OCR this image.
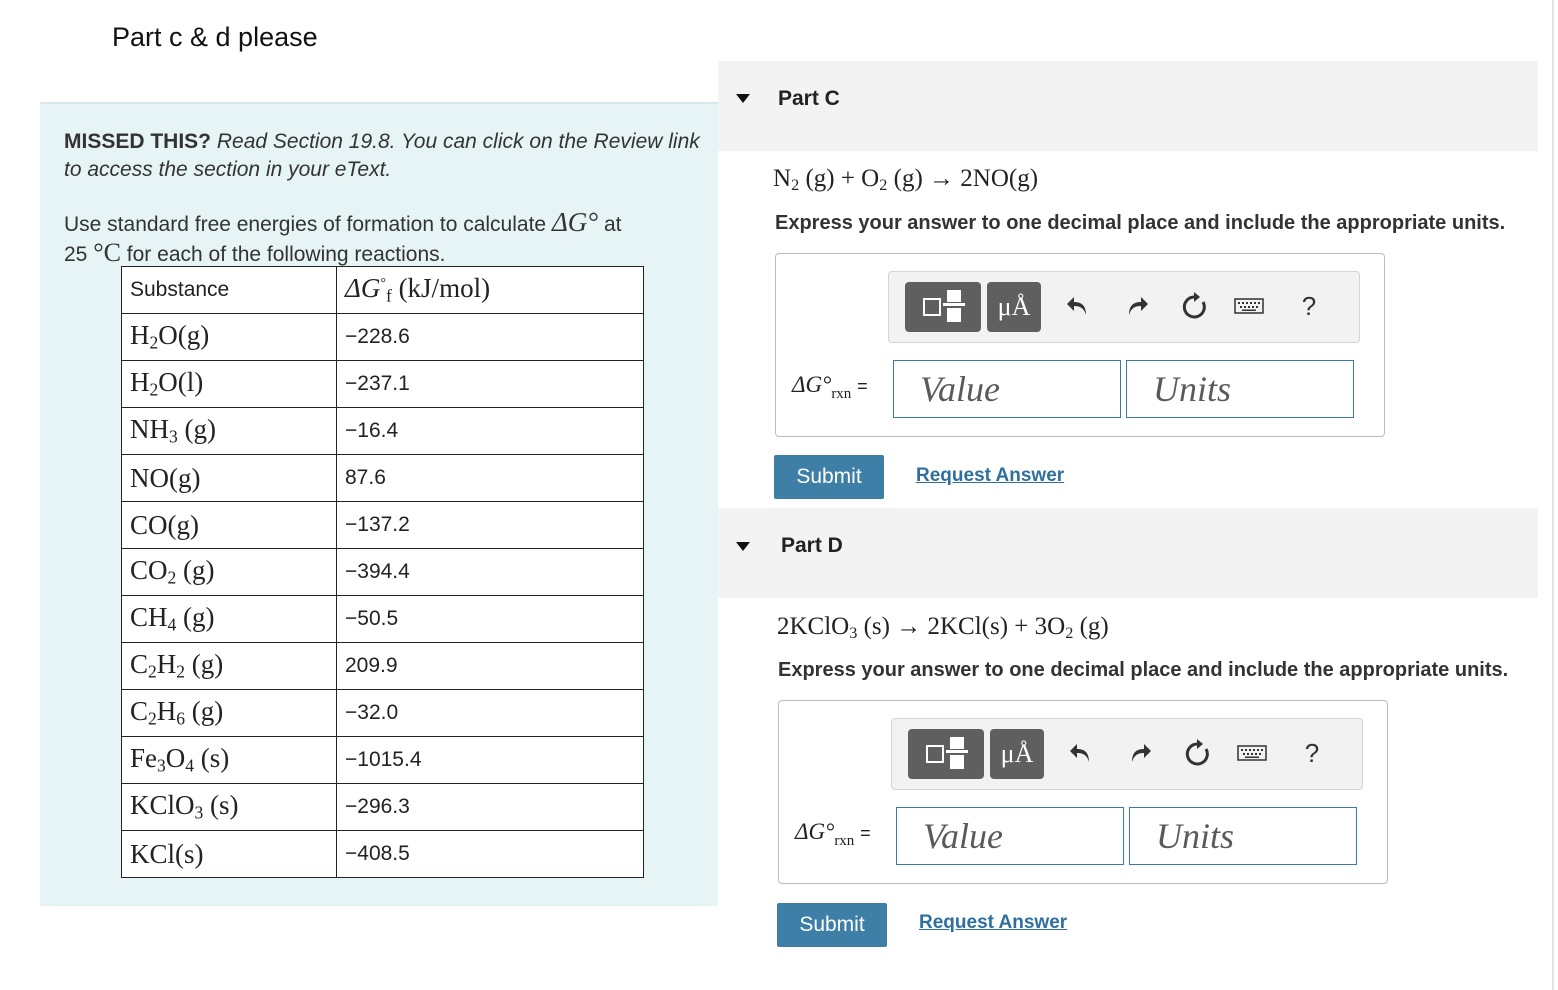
Part c & d please
MISSED THIS? Read Section 19.8. You can click on the Review link to access the section in your eText.
Use standard free energies of formation to calculate ΔG° at
25 °C for each of the following reactions.
Substance	$\Delta G^\circ_f$ (kJ/mol)
$H_2O(g)$	−228.6
$H_2O(l)$	−237.1
$NH_3$ (g)	−16.4
NO(g)	87.6
CO(g)	−137.2
$CO_2$ (g)	−394.4
$CH_4$ (g)	−50.5
$C_2H_2$ (g)	209.9
$C_2H_6$ (g)	−32.0
$Fe_3O_4$ (s)	−1015.4
KClO$_3$ (s)	−296.3
KCl(s)	−408.5
Part C
$N_2$ $(g) + O_2$ (g) → 2NO(g)
Express your answer to one decimal place and include the appropriate units.
μÅ	?
$\Delta G^\circ_{rxn}$ =
Value
Units
Submit	Request Answer
Part D
2KClO$_3$ $(s) \to 2KCl(s) + 3O_2$ (g)
Express your answer to one decimal place and include the appropriate units.
μÅ	?
$\Delta G^\circ_{rxn}$ =
Value
Units
Submit	Request Answer
